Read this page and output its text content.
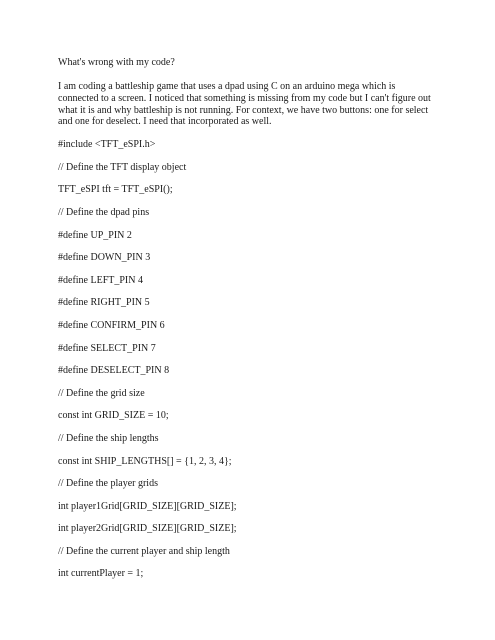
What's wrong with my code?

I am coding a battleship game that uses a dpad using C on an arduino mega which is connected to a screen. I noticed that something is missing from my code but I can't figure out what it is and why battleship is not running. For context, we have two buttons: one for select and one for deselect. I need that incorporated as well.

#include <TFT_eSPI.h>
// Define the TFT display object
TFT_eSPI tft = TFT_eSPI();
// Define the dpad pins
#define UP_PIN 2
#define DOWN_PIN 3
#define LEFT_PIN 4
#define RIGHT_PIN 5
#define CONFIRM_PIN 6
#define SELECT_PIN 7
#define DESELECT_PIN 8
// Define the grid size
const int GRID_SIZE = 10;
// Define the ship lengths
const int SHIP_LENGTHS[] = {1, 2, 3, 4};
// Define the player grids
int player1Grid[GRID_SIZE][GRID_SIZE];
int player2Grid[GRID_SIZE][GRID_SIZE];
// Define the current player and ship length
int currentPlayer = 1;
